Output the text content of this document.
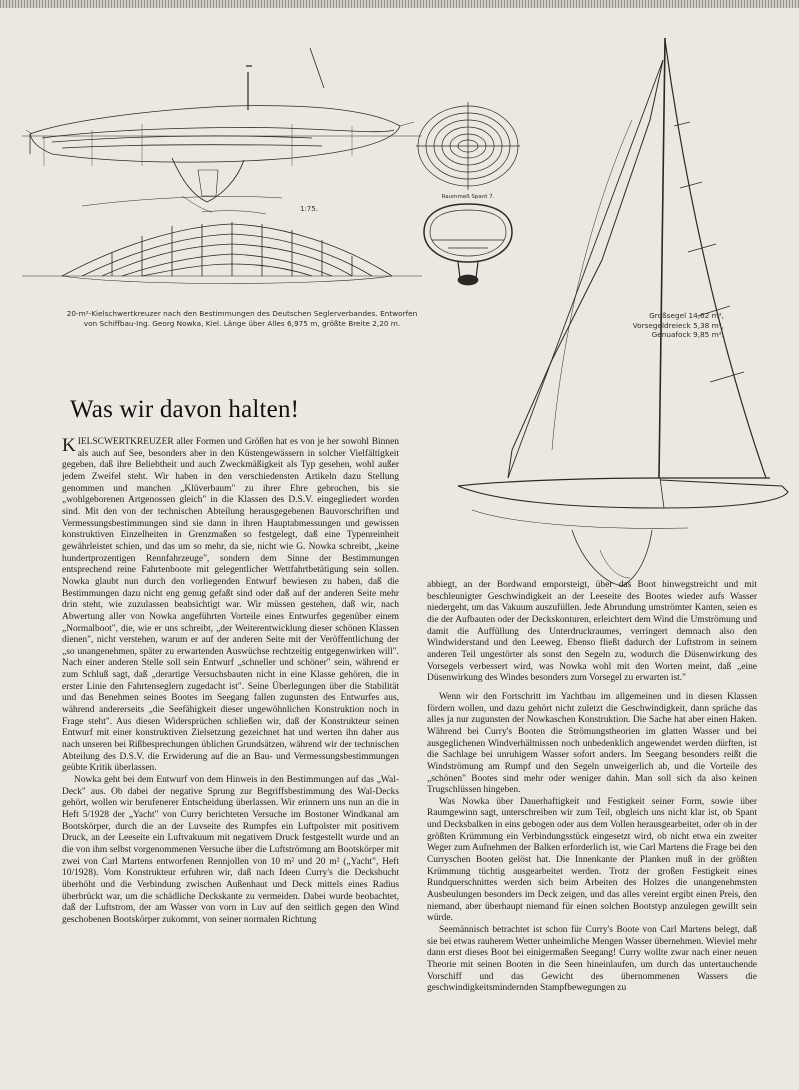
1:75.
Raummeß Spant 7.
20-m²-Kielschwertkreuzer nach den Bestimmungen des Deutschen Seglerverbandes. Entworfen von Schiffbau-Ing. Georg Nowka, Kiel. Länge über Alles 6,975 m, größte Breite 2,20 m.
Großsegel 14,62 m², Vorsegeldreieck 5,38 m², Genuafock 9,85 m².
Was wir davon halten!

KIELSCWERTKREUZER aller Formen und Größen hat es von je her sowohl Binnen als auch auf See, besonders aber in den Küstengewässern in solcher Vielfältigkeit gegeben, daß ihre Beliebtheit und auch Zweckmäßigkeit als Typ gesehen, wohl außer jedem Zweifel steht. Wir haben in den verschiedensten Artikeln dazu Stellung genommen und manchen „Klüverbaum" zu ihrer Ehre gebrochen, bis sie „wohlgeborenen Artgenossen gleich" in die Klassen des D.S.V. eingegliedert worden sind. Mit den von der technischen Abteilung herausgegebenen Bauvorschriften und Vermessungsbestimmungen sind sie dann in ihren Hauptabmessungen und gewissen konstruktiven Einzelheiten in Grenzmaßen so festgelegt, daß eine Typenreinheit gewährleistet schien, und das um so mehr, da sie, nicht wie G. Nowka schreibt, „keine hundertprozentigen Rennfahrzeuge", sondern dem Sinne der Bestimmungen entsprechend reine Fahrtenboote mit gelegentlicher Wettfahrtbetätigung sein sollen. Nowka glaubt nun durch den vorliegenden Entwurf bewiesen zu haben, daß die Bestimmungen dazu nicht eng genug gefaßt sind oder daß auf der anderen Seite mehr drin steht, wie zuzulassen beabsichtigt war. Wir müssen gestehen, daß wir, nach Abwertung aller von Nowka angeführten Vorteile eines Entwurfes gegenüber einem „Normalboot", die, wie er uns schreibt, „der Weiterentwicklung dieser schönen Klassen dienen", nicht verstehen, warum er auf der anderen Seite mit der Veröffentlichung der „so unangenehmen, später zu erwartenden Auswüchse rechtzeitig entgegenwirken will". Nach einer anderen Stelle soll sein Entwurf „schneller und schöner" sein, während er zum Schluß sagt, daß „derartige Versuchsbauten nicht in eine Klasse gehören, die in erster Linie den Fahrtenseglern zugedacht ist". Seine Überlegungen über die Stabilität und das Benehmen seines Bootes im Seegang fallen zugunsten des Entwurfes aus, während andererseits „die Seefähigkeit dieser ungewöhnlichen Konstruktion noch in Frage steht". Aus diesen Widersprüchen schließen wir, daß der Konstrukteur seinen Entwurf mit einer konstruktiven Zielsetzung gezeichnet hat und werten ihn daher aus nach unseren bei Rißbesprechungen üblichen Grundsätzen, während wir der technischen Abteilung des D.S.V. die Erwiderung auf die an Bau- und Vermessungsbestimmungen geübte Kritik überlassen.

Nowka geht bei dem Entwurf von dem Hinweis in den Bestimmungen auf das „Wal-Deck" aus. Ob dabei der negative Sprung zur Begriffsbestimmung des Wal-Decks gehört, wollen wir berufenerer Entscheidung überlassen. Wir erinnern uns nun an die in Heft 5/1928 der „Yacht" von Curry berichteten Versuche im Bostoner Windkanal am Bootskörper, durch die an der Luvseite des Rumpfes ein Luftpolster mit positivem Druck, an der Leeseite ein Luftvakuum mit negativem Druck festgestellt wurde und an die von ihm selbst vorgenommenen Versuche über die Luftströmung am Bootskörper mit zwei von Carl Martens entworfenen Rennjollen von 10 m² und 20 m² („Yacht", Heft 10/1928). Vom Konstrukteur erfuhren wir, daß nach Ideen Curry's die Decksbucht überhöht und die Verbindung zwischen Außenhaut und Deck mittels eines Radius überbrückt war, um die schädliche Deckskante zu vermeiden. Dabei wurde beobachtet, daß der Luftstrom, der am Wasser von vorn in Luv auf den seitlich gegen den Wind geschobenen Bootskörper zukommt, von seiner normalen Richtung

abbiegt, an der Bordwand emporsteigt, über das Boot hinwegstreicht und mit beschleunigter Geschwindigkeit an der Leeseite des Bootes wieder aufs Wasser niedergeht, um das Vakuum auszufüllen. Jede Abrundung umströmter Kanten, seien es die der Aufbauten oder der Deckskonturen, erleichtert dem Wind die Umströmung und damit die Auffüllung des Unterdruckraumes, verringert demnach also den Windwiderstand und den Leeweg. Ebenso fließt dadurch der Luftstrom in seinem anderen Teil ungestörter als sonst den Segeln zu, wodurch die Düsenwirkung des Vorsegels verbessert wird, was Nowka wohl mit den Worten meint, daß „eine Düsenwirkung des Windes besonders zum Vorsegel zu erwarten ist."

Wenn wir den Fortschritt im Yachtbau im allgemeinen und in diesen Klassen fördern wollen, und dazu gehört nicht zuletzt die Geschwindigkeit, dann spräche das alles ja nur zugunsten der Nowkaschen Konstruktion. Die Sache hat aber einen Haken. Während bei Curry's Booten die Strömungstheorien im glatten Wasser und bei ausgeglichenen Windverhältnissen noch unbedenklich angewendet werden dürften, ist die Sachlage bei unruhigem Wasser sofort anders. Im Seegang besonders reißt die Windströmung am Rumpf und den Segeln unweigerlich ab, und die Vorteile des „schönen" Bootes sind mehr oder weniger dahin. Man soll sich da also keinen Trugschlüssen hingeben.

Was Nowka über Dauerhaftigkeit und Festigkeit seiner Form, sowie über Raumgewinn sagt, unterschreiben wir zum Teil, obgleich uns nicht klar ist, ob Spant und Decksbalken in eins gebogen oder aus dem Vollen herausgearbeitet, oder ob in der größten Krümmung ein Verbindungsstück eingesetzt wird, ob nicht etwa ein zweiter Weger zum Aufnehmen der Balken erforderlich ist, wie Carl Martens die Frage bei den Curryschen Booten gelöst hat. Die Innenkante der Planken muß in der größten Krümmung tüchtig ausgearbeitet werden. Trotz der großen Festigkeit eines Rundquerschnittes werden sich beim Arbeiten des Holzes die unangenehmsten Ausbeulungen besonders im Deck zeigen, und das alles vereint ergibt einen Preis, den niemand, aber überhaupt niemand für einen solchen Bootstyp anzulegen gewillt sein würde.

Seemännisch betrachtet ist schon für Curry's Boote von Carl Martens belegt, daß sie bei etwas rauherem Wetter unheimliche Mengen Wasser übernehmen. Wieviel mehr dann erst dieses Boot bei einigermaßen Seegang! Curry wollte zwar nach einer neuen Theorie mit seinen Booten in die Seen hineinlaufen, um durch das untertauchende Vorschiff und das Gewicht des übernommenen Wassers die geschwindigkeitsmindernden Stampfbewegungen zu
